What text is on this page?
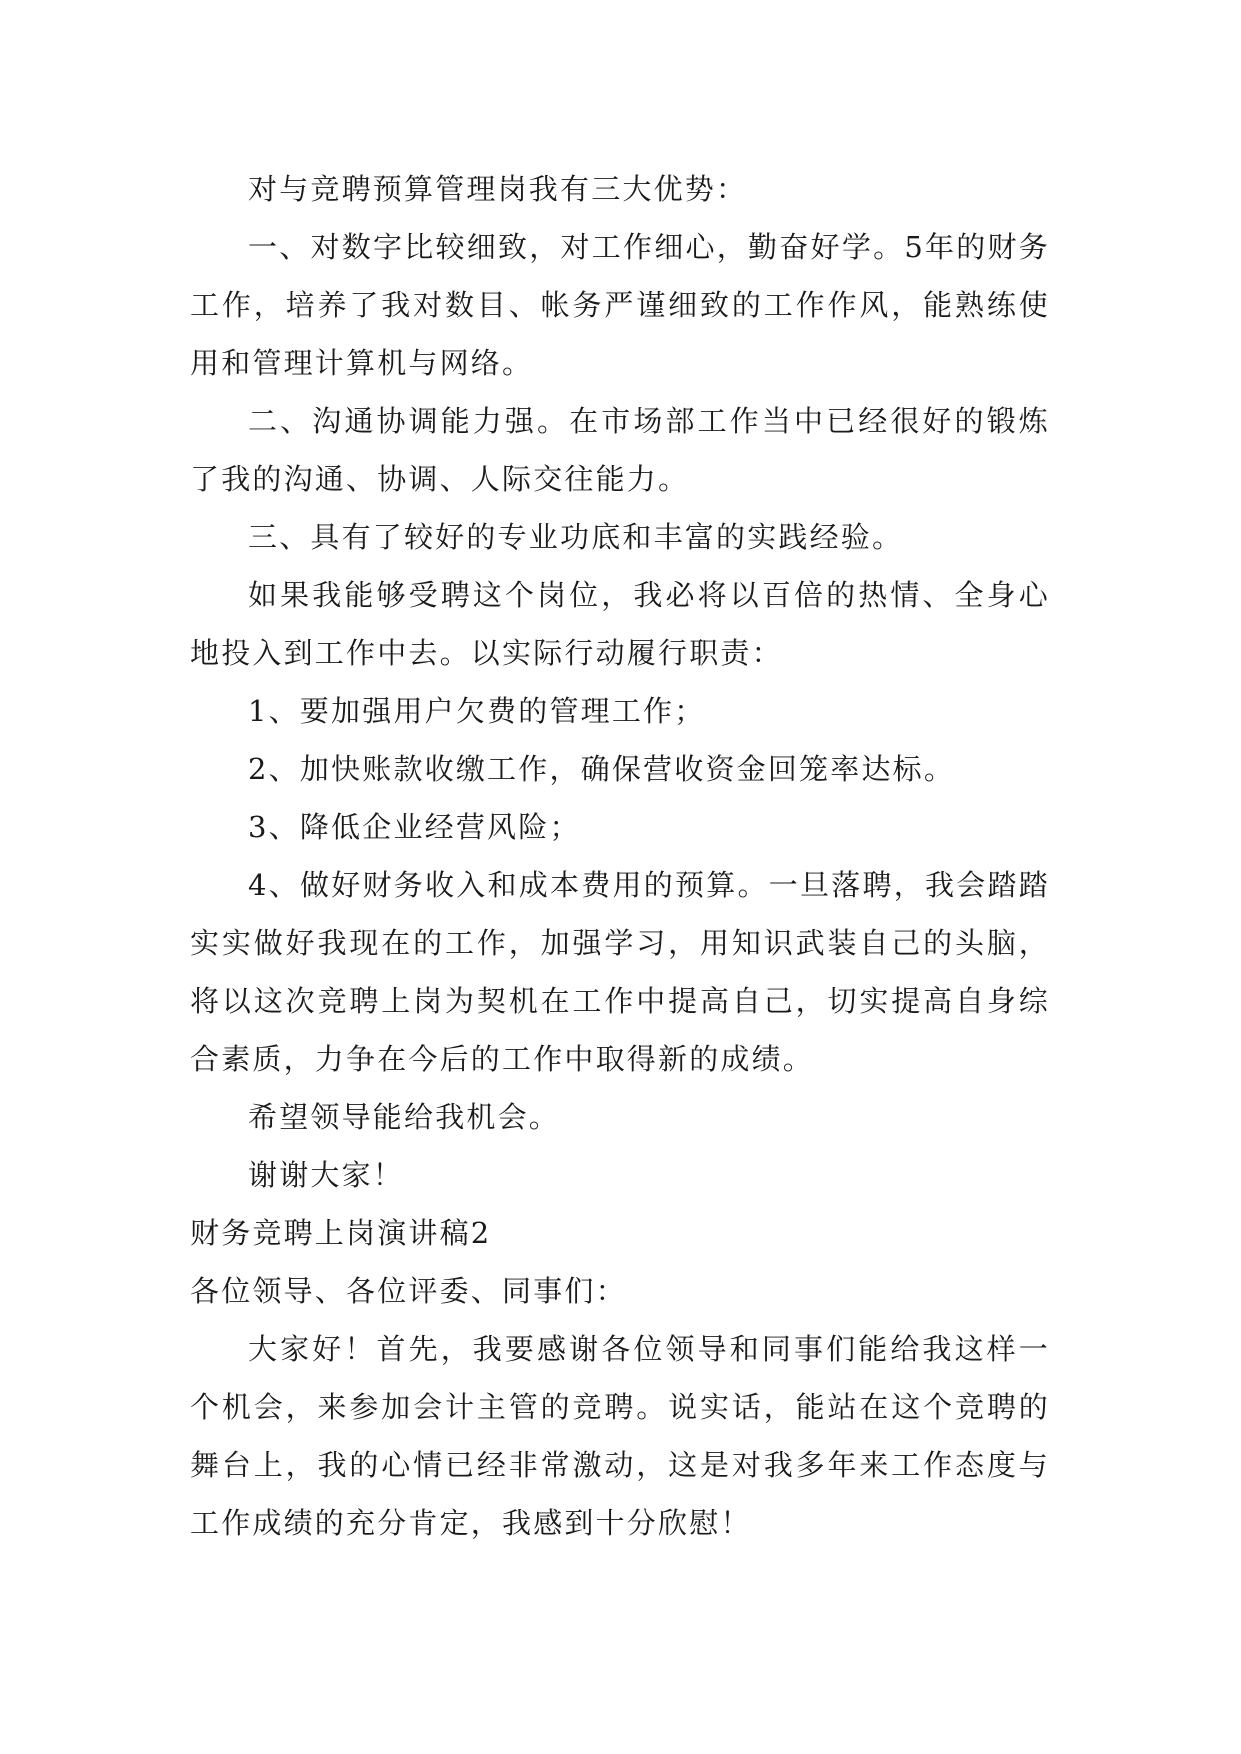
对与竞聘预算管理岗我有三大优势：

一、对数字比较细致，对工作细心，勤奋好学。5年的财务工作，培养了我对数目、帐务严谨细致的工作作风，能熟练使用和管理计算机与网络。

二、沟通协调能力强。在市场部工作当中已经很好的锻炼了我的沟通、协调、人际交往能力。

三、具有了较好的专业功底和丰富的实践经验。

如果我能够受聘这个岗位，我必将以百倍的热情、全身心地投入到工作中去。以实际行动履行职责：

1、要加强用户欠费的管理工作；

2、加快账款收缴工作，确保营收资金回笼率达标。

3、降低企业经营风险；

4、做好财务收入和成本费用的预算。一旦落聘，我会踏踏实实做好我现在的工作，加强学习，用知识武装自己的头脑，将以这次竞聘上岗为契机在工作中提高自己，切实提高自身综合素质，力争在今后的工作中取得新的成绩。

希望领导能给我机会。

谢谢大家！

财务竞聘上岗演讲稿2

各位领导、各位评委、同事们：

大家好！首先，我要感谢各位领导和同事们能给我这样一个机会，来参加会计主管的竞聘。说实话，能站在这个竞聘的舞台上，我的心情已经非常激动，这是对我多年来工作态度与工作成绩的充分肯定，我感到十分欣慰！
